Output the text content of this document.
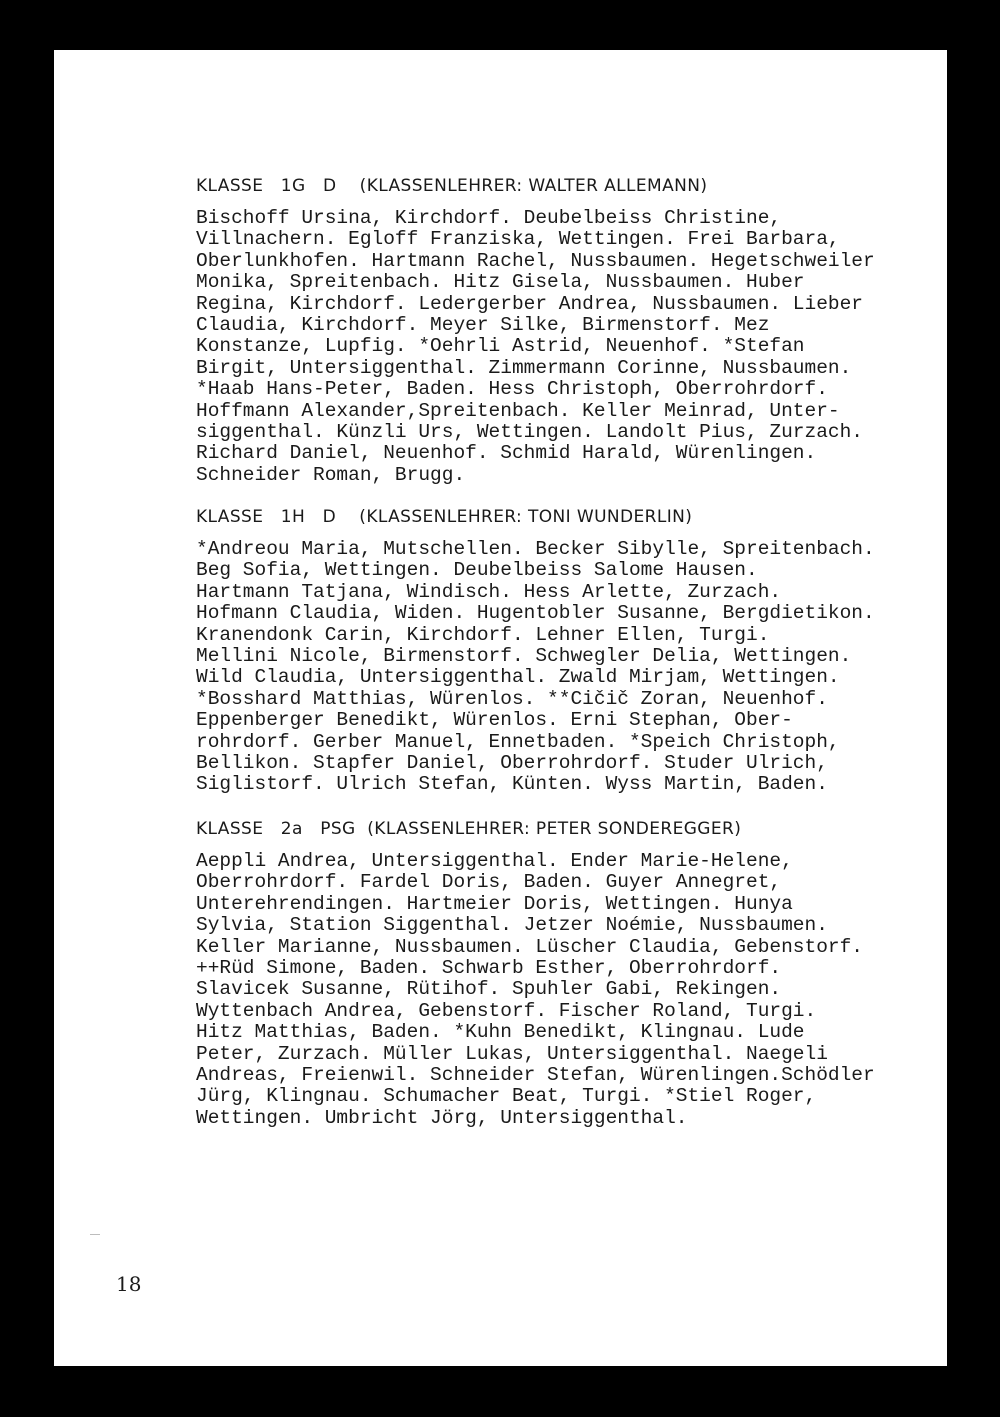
KLASSE   1G   D    (KLASSENLEHRER: WALTER ALLEMANN)

Bischoff Ursina, Kirchdorf. Deubelbeiss Christine,

Villnachern. Egloff Franziska, Wettingen. Frei Barbara,

Oberlunkhofen. Hartmann Rachel, Nussbaumen. Hegetschweiler

Monika, Spreitenbach. Hitz Gisela, Nussbaumen. Huber

Regina, Kirchdorf. Ledergerber Andrea, Nussbaumen. Lieber

Claudia, Kirchdorf. Meyer Silke, Birmenstorf. Mez

Konstanze, Lupfig. *Oehrli Astrid, Neuenhof. *Stefan

Birgit, Untersiggenthal. Zimmermann Corinne, Nussbaumen.

*Haab Hans-Peter, Baden. Hess Christoph, Oberrohrdorf.

Hoffmann Alexander,Spreitenbach. Keller Meinrad, Unter-

siggenthal. Künzli Urs, Wettingen. Landolt Pius, Zurzach.

Richard Daniel, Neuenhof. Schmid Harald, Würenlingen.

Schneider Roman, Brugg.

KLASSE   1H   D    (KLASSENLEHRER: TONI WUNDERLIN)

*Andreou Maria, Mutschellen. Becker Sibylle, Spreitenbach.

Beg Sofia, Wettingen. Deubelbeiss Salome Hausen.

Hartmann Tatjana, Windisch. Hess Arlette, Zurzach.

Hofmann Claudia, Widen. Hugentobler Susanne, Bergdietikon.

Kranendonk Carin, Kirchdorf. Lehner Ellen, Turgi.

Mellini Nicole, Birmenstorf. Schwegler Delia, Wettingen.

Wild Claudia, Untersiggenthal. Zwald Mirjam, Wettingen.

*Bosshard Matthias, Würenlos. **Cičič Zoran, Neuenhof.

Eppenberger Benedikt, Würenlos. Erni Stephan, Ober-

rohrdorf. Gerber Manuel, Ennetbaden. *Speich Christoph,

Bellikon. Stapfer Daniel, Oberrohrdorf. Studer Ulrich,

Siglistorf. Ulrich Stefan, Künten. Wyss Martin, Baden.

KLASSE   2a   PSG  (KLASSENLEHRER: PETER SONDEREGGER)

Aeppli Andrea, Untersiggenthal. Ender Marie-Helene,

Oberrohrdorf. Fardel Doris, Baden. Guyer Annegret,

Unterehrendingen. Hartmeier Doris, Wettingen. Hunya

Sylvia, Station Siggenthal. Jetzer Noémie, Nussbaumen.

Keller Marianne, Nussbaumen. Lüscher Claudia, Gebenstorf.

++Rüd Simone, Baden. Schwarb Esther, Oberrohrdorf.

Slavicek Susanne, Rütihof. Spuhler Gabi, Rekingen.

Wyttenbach Andrea, Gebenstorf. Fischer Roland, Turgi.

Hitz Matthias, Baden. *Kuhn Benedikt, Klingnau. Lude

Peter, Zurzach. Müller Lukas, Untersiggenthal. Naegeli

Andreas, Freienwil. Schneider Stefan, Würenlingen.Schödler

Jürg, Klingnau. Schumacher Beat, Turgi. *Stiel Roger,

Wettingen. Umbricht Jörg, Untersiggenthal.

18
